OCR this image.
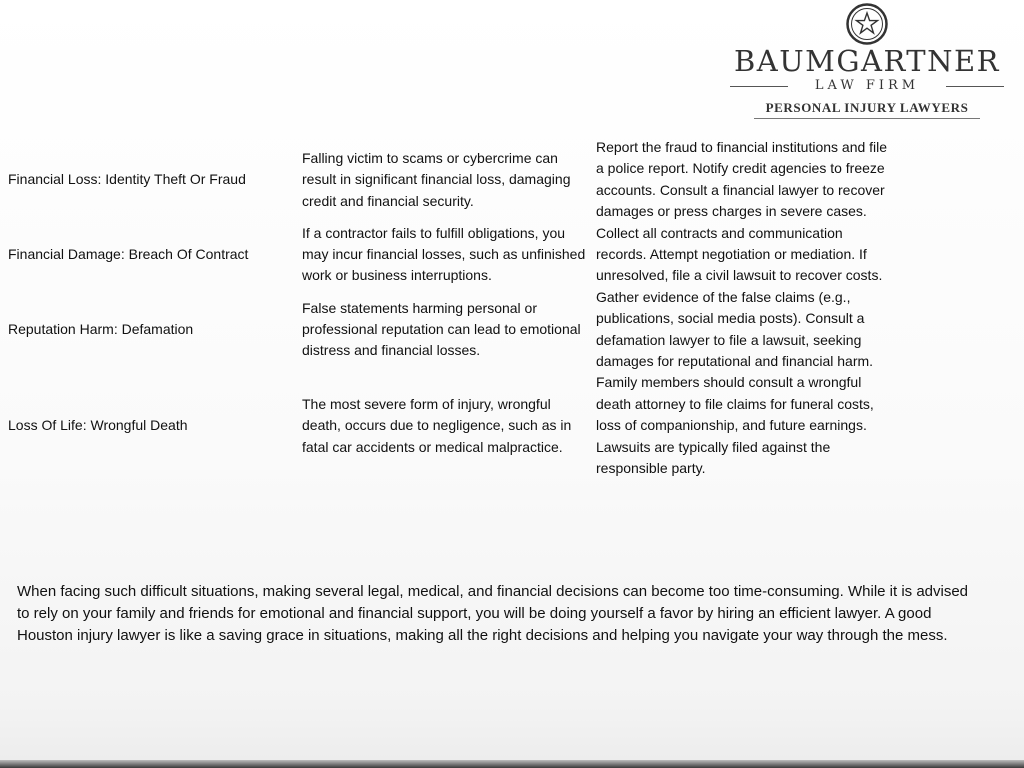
BAUMGARTNER
LAW FIRM
PERSONAL INJURY LAWYERS
Financial Loss: Identity Theft Or Fraud	Falling victim to scams or cybercrime can result in significant financial loss, damaging credit and financial security.	Report the fraud to financial institutions and file a police report. Notify credit agencies to freeze accounts. Consult a financial lawyer to recover damages or press charges in severe cases.
Financial Damage: Breach Of Contract	If a contractor fails to fulfill obligations, you may incur financial losses, such as unfinished work or business interruptions.	Collect all contracts and communication records. Attempt negotiation or mediation. If unresolved, file a civil lawsuit to recover costs.
Reputation Harm: Defamation	False statements harming personal or professional reputation can lead to emotional distress and financial losses.	Gather evidence of the false claims (e.g., publications, social media posts). Consult a defamation lawyer to file a lawsuit, seeking damages for reputational and financial harm.
Loss Of Life: Wrongful Death	The most severe form of injury, wrongful death, occurs due to negligence, such as in fatal car accidents or medical malpractice.	Family members should consult a wrongful death attorney to file claims for funeral costs, loss of companionship, and future earnings. Lawsuits are typically filed against the responsible party.

When facing such difficult situations, making several legal, medical, and financial decisions can become too time-consuming. While it is advised to rely on your family and friends for emotional and financial support, you will be doing yourself a favor by hiring an efficient lawyer. A good Houston injury lawyer is like a saving grace in situations, making all the right decisions and helping you navigate your way through the mess.
